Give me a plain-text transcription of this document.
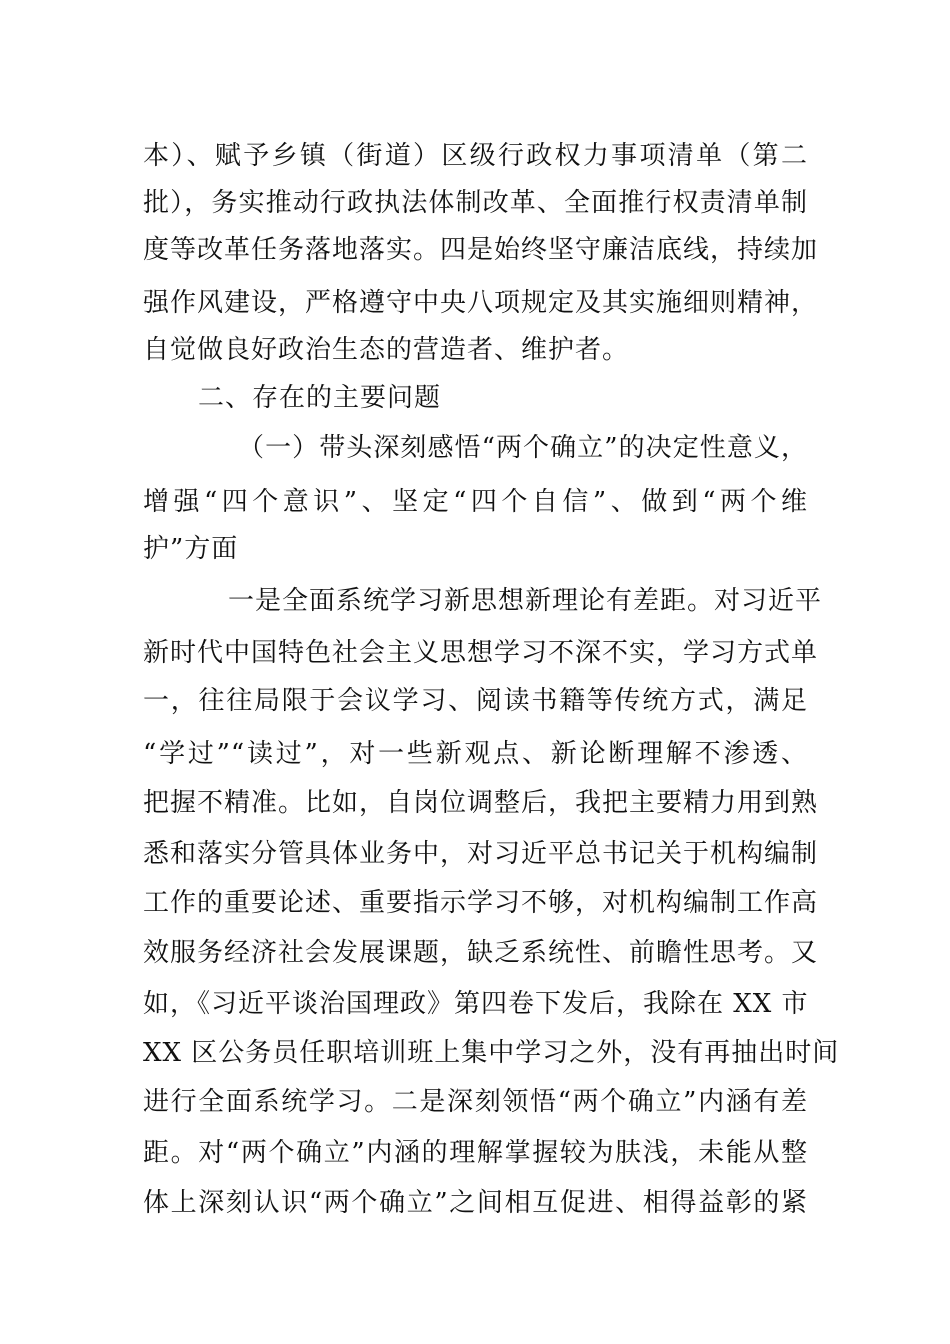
本）、赋予乡镇（街道）区级行政权力事项清单（第二
批），务实推动行政执法体制改革、全面推行权责清单制
度等改革任务落地落实。四是始终坚守廉洁底线，持续加
强作风建设，严格遵守中央八项规定及其实施细则精神，
自觉做良好政治生态的营造者、维护者。
二、存在的主要问题
（一）带头深刻感悟“两个确立”的决定性意义，
增强“四个意识”、坚定“四个自信”、做到“两个维
护”方面
一是全面系统学习新思想新理论有差距。对习近平
新时代中国特色社会主义思想学习不深不实，学习方式单
一，往往局限于会议学习、阅读书籍等传统方式，满足
“学过”“读过”，对一些新观点、新论断理解不渗透、
把握不精准。比如，自岗位调整后，我把主要精力用到熟
悉和落实分管具体业务中，对习近平总书记关于机构编制
工作的重要论述、重要指示学习不够，对机构编制工作高
效服务经济社会发展课题，缺乏系统性、前瞻性思考。又
如，《习近平谈治国理政》第四卷下发后，我除在 XX 市
XX 区公务员任职培训班上集中学习之外，没有再抽出时间
进行全面系统学习。二是深刻领悟“两个确立”内涵有差
距。对“两个确立”内涵的理解掌握较为肤浅，未能从整
体上深刻认识“两个确立”之间相互促进、相得益彰的紧
